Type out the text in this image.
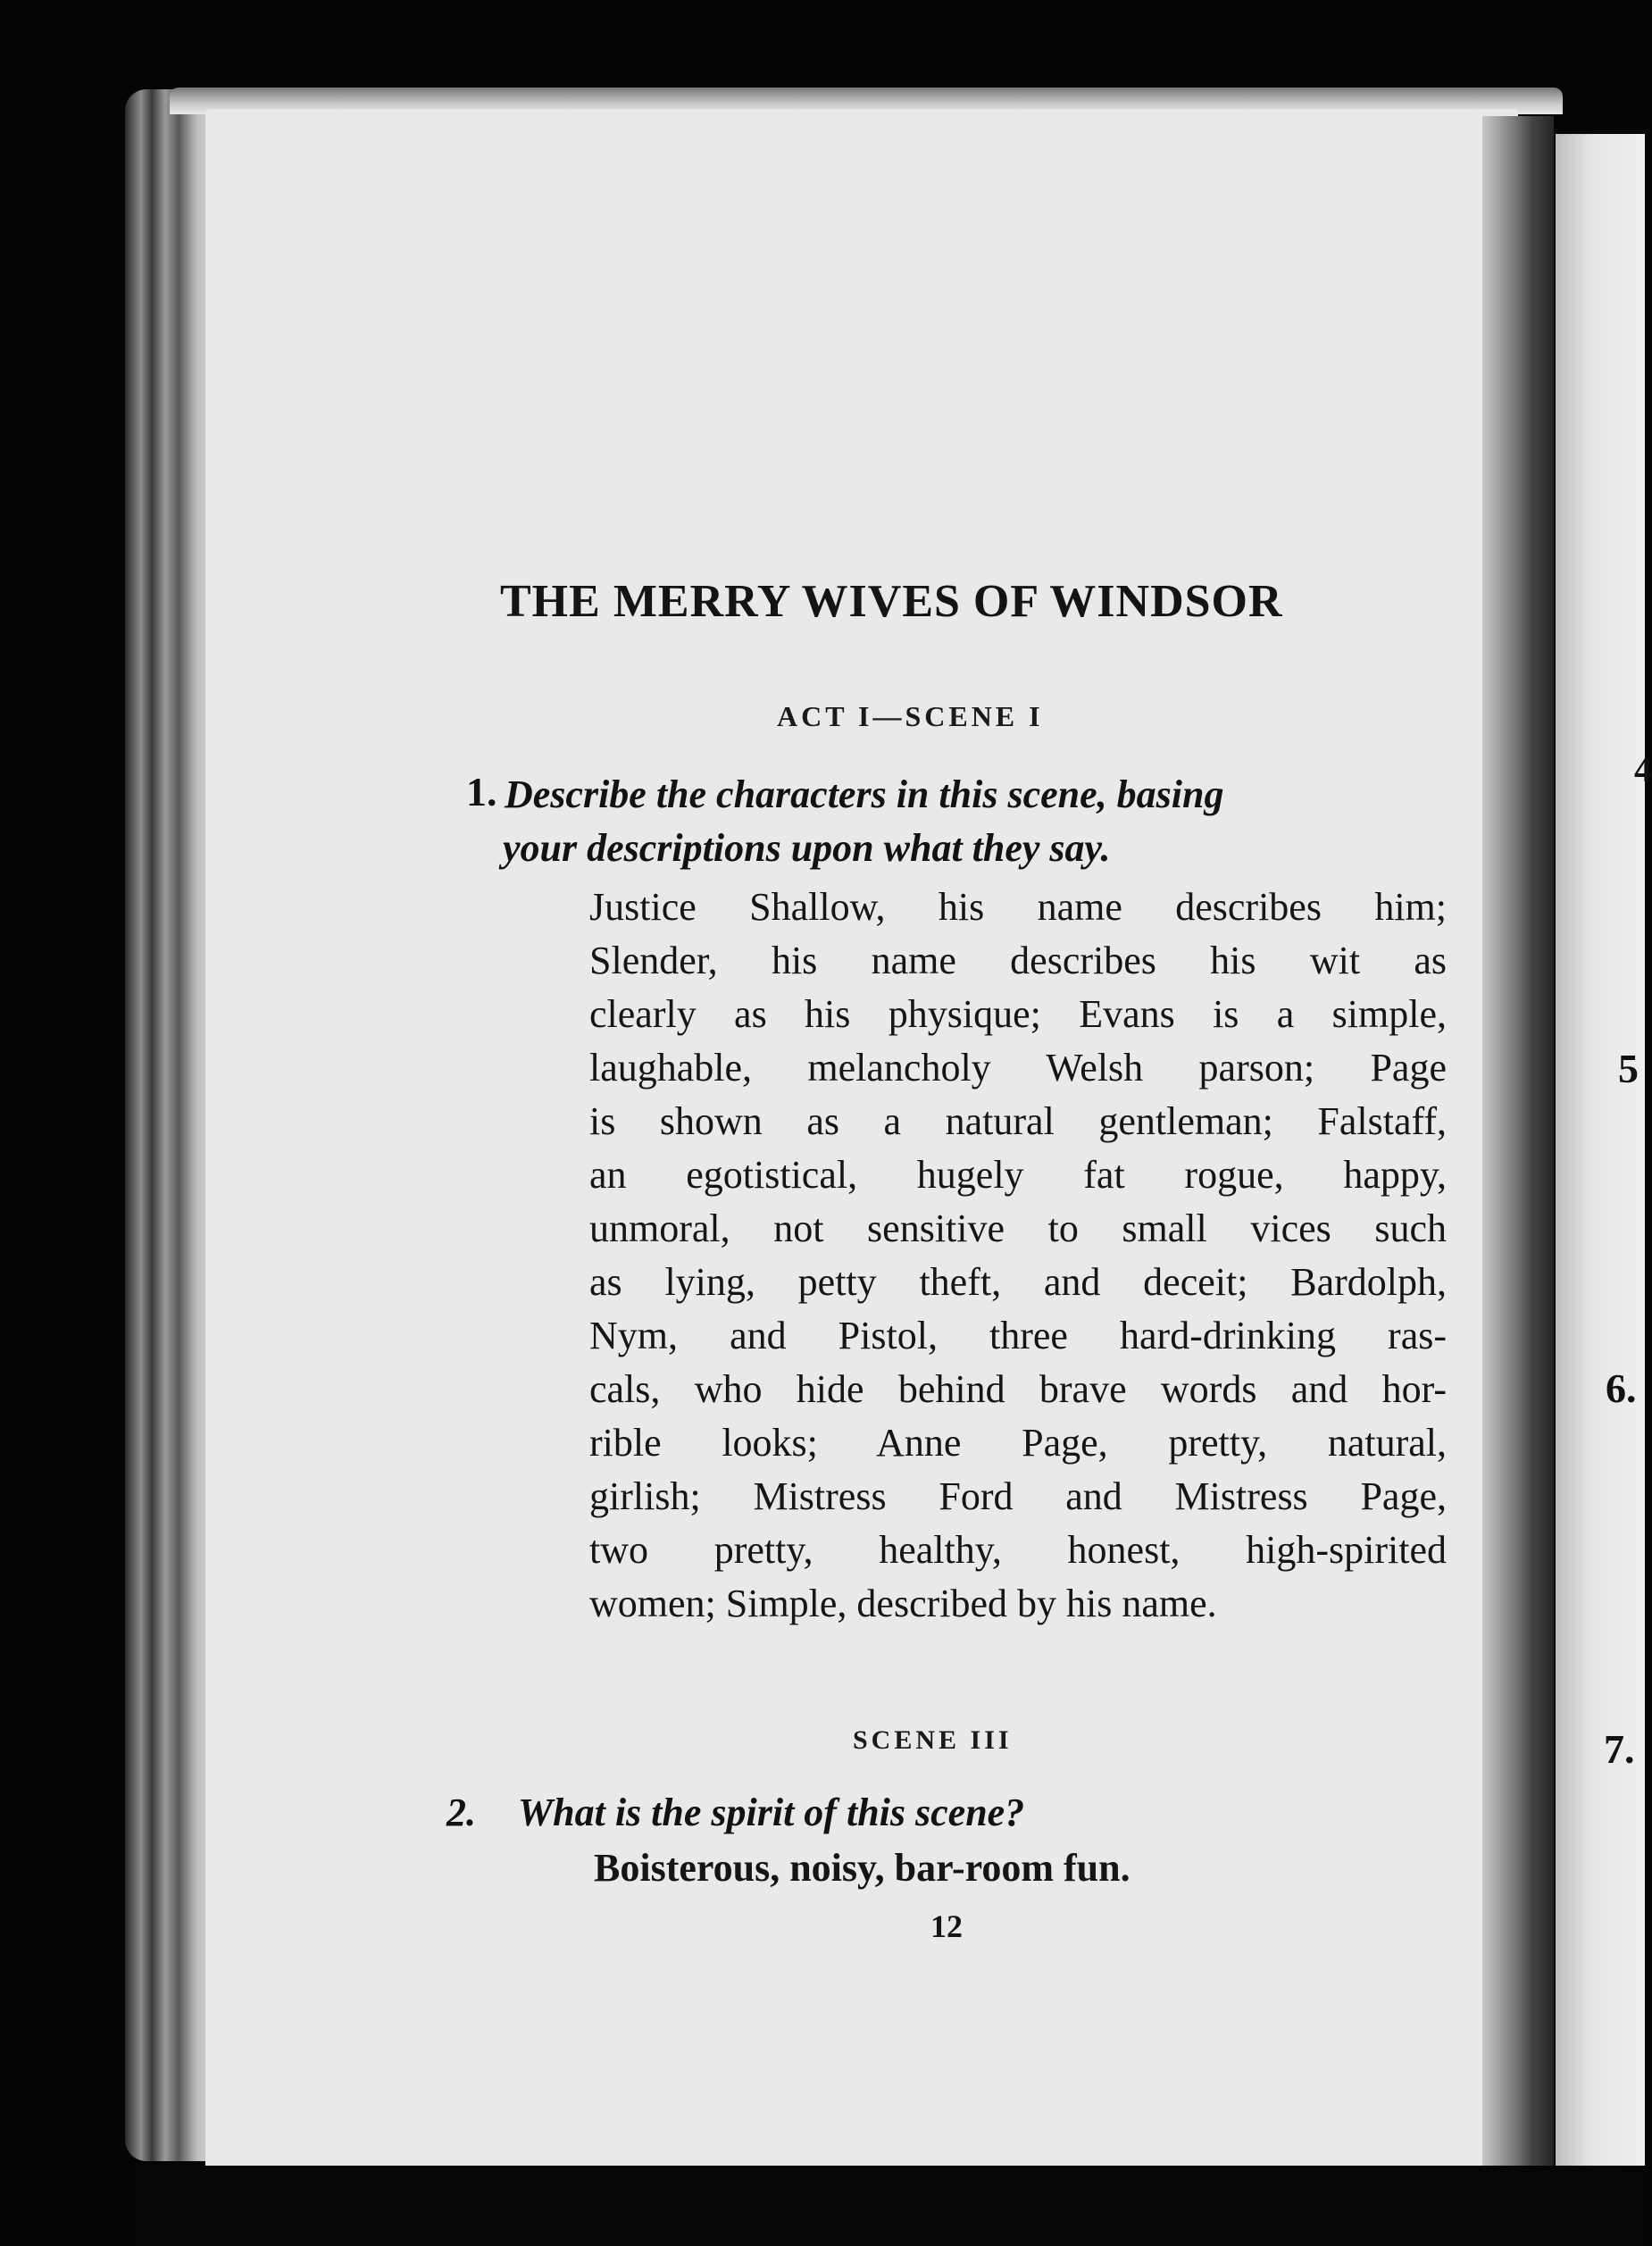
4
5
6.
7.
THE MERRY WIVES OF WINDSOR
ACT I—SCENE I
1. Describe the characters in this scene, basing
your descriptions upon what they say.
Justice Shallow, his name describes him;
Slender, his name describes his wit as
clearly as his physique; Evans is a simple,
laughable, melancholy Welsh parson; Page
is shown as a natural gentleman; Falstaff,
an egotistical, hugely fat rogue, happy,
unmoral, not sensitive to small vices such
as lying, petty theft, and deceit; Bardolph,
Nym, and Pistol, three hard-drinking ras-
cals, who hide behind brave words and hor-
rible looks; Anne Page, pretty, natural,
girlish; Mistress Ford and Mistress Page,
two pretty, healthy, honest, high-spirited
women; Simple, described by his name.
SCENE III
2. What is the spirit of this scene?
Boisterous, noisy, bar-room fun.
12
